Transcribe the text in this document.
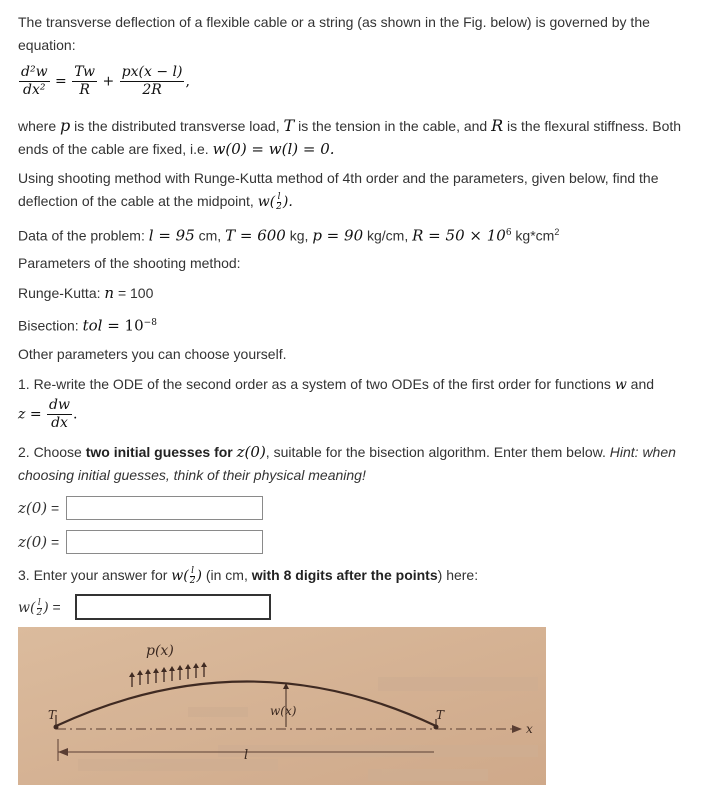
The transverse deflection of a flexible cable or a string (as shown in the Fig. below) is governed by the
equation:
$\frac{\text{d²w}}{\text{dx²}} = \frac{Tw}{R} + \frac{px(x - l)}{2R}$ ,
where p is the distributed transverse load, T is the tension in the cable, and R is the flexural stiffness. Both
ends of the cable are fixed, i.e. w(0) = w(l) = 0.
Using shooting method with Runge-Kutta method of 4th order and the parameters, given below, find the
deflection of the cable at the midpoint, $w( \frac{l}{2}$ ).
Data of the problem: l = 95 cm, T = 600 kg, p = 90 kg/cm, $R = 50 \times 10^6$ $kg*cm^2$
Parameters of the shooting method:
Runge-Kutta: n = 100
Bisection: tol = $10^{-8}$
Other parameters you can choose yourself.
1. Re-write the ODE of the second order as a system of two ODEs of the first order for functions w and
$z = \frac{dw}{dx}$ .
2. Choose two initial guesses for z(0), suitable for the bisection algorithm. Enter them below. Hint: when
choosing initial guesses, think of their physical meaning!
z(0) =
z(0) =
3. Enter your answer for $w( \frac{l}{2}$ ) (in cm, with 8 digits after the points) here:
$w( \frac{l}{2}$ ) =
p(x)
T	T
w(x)
l
x
